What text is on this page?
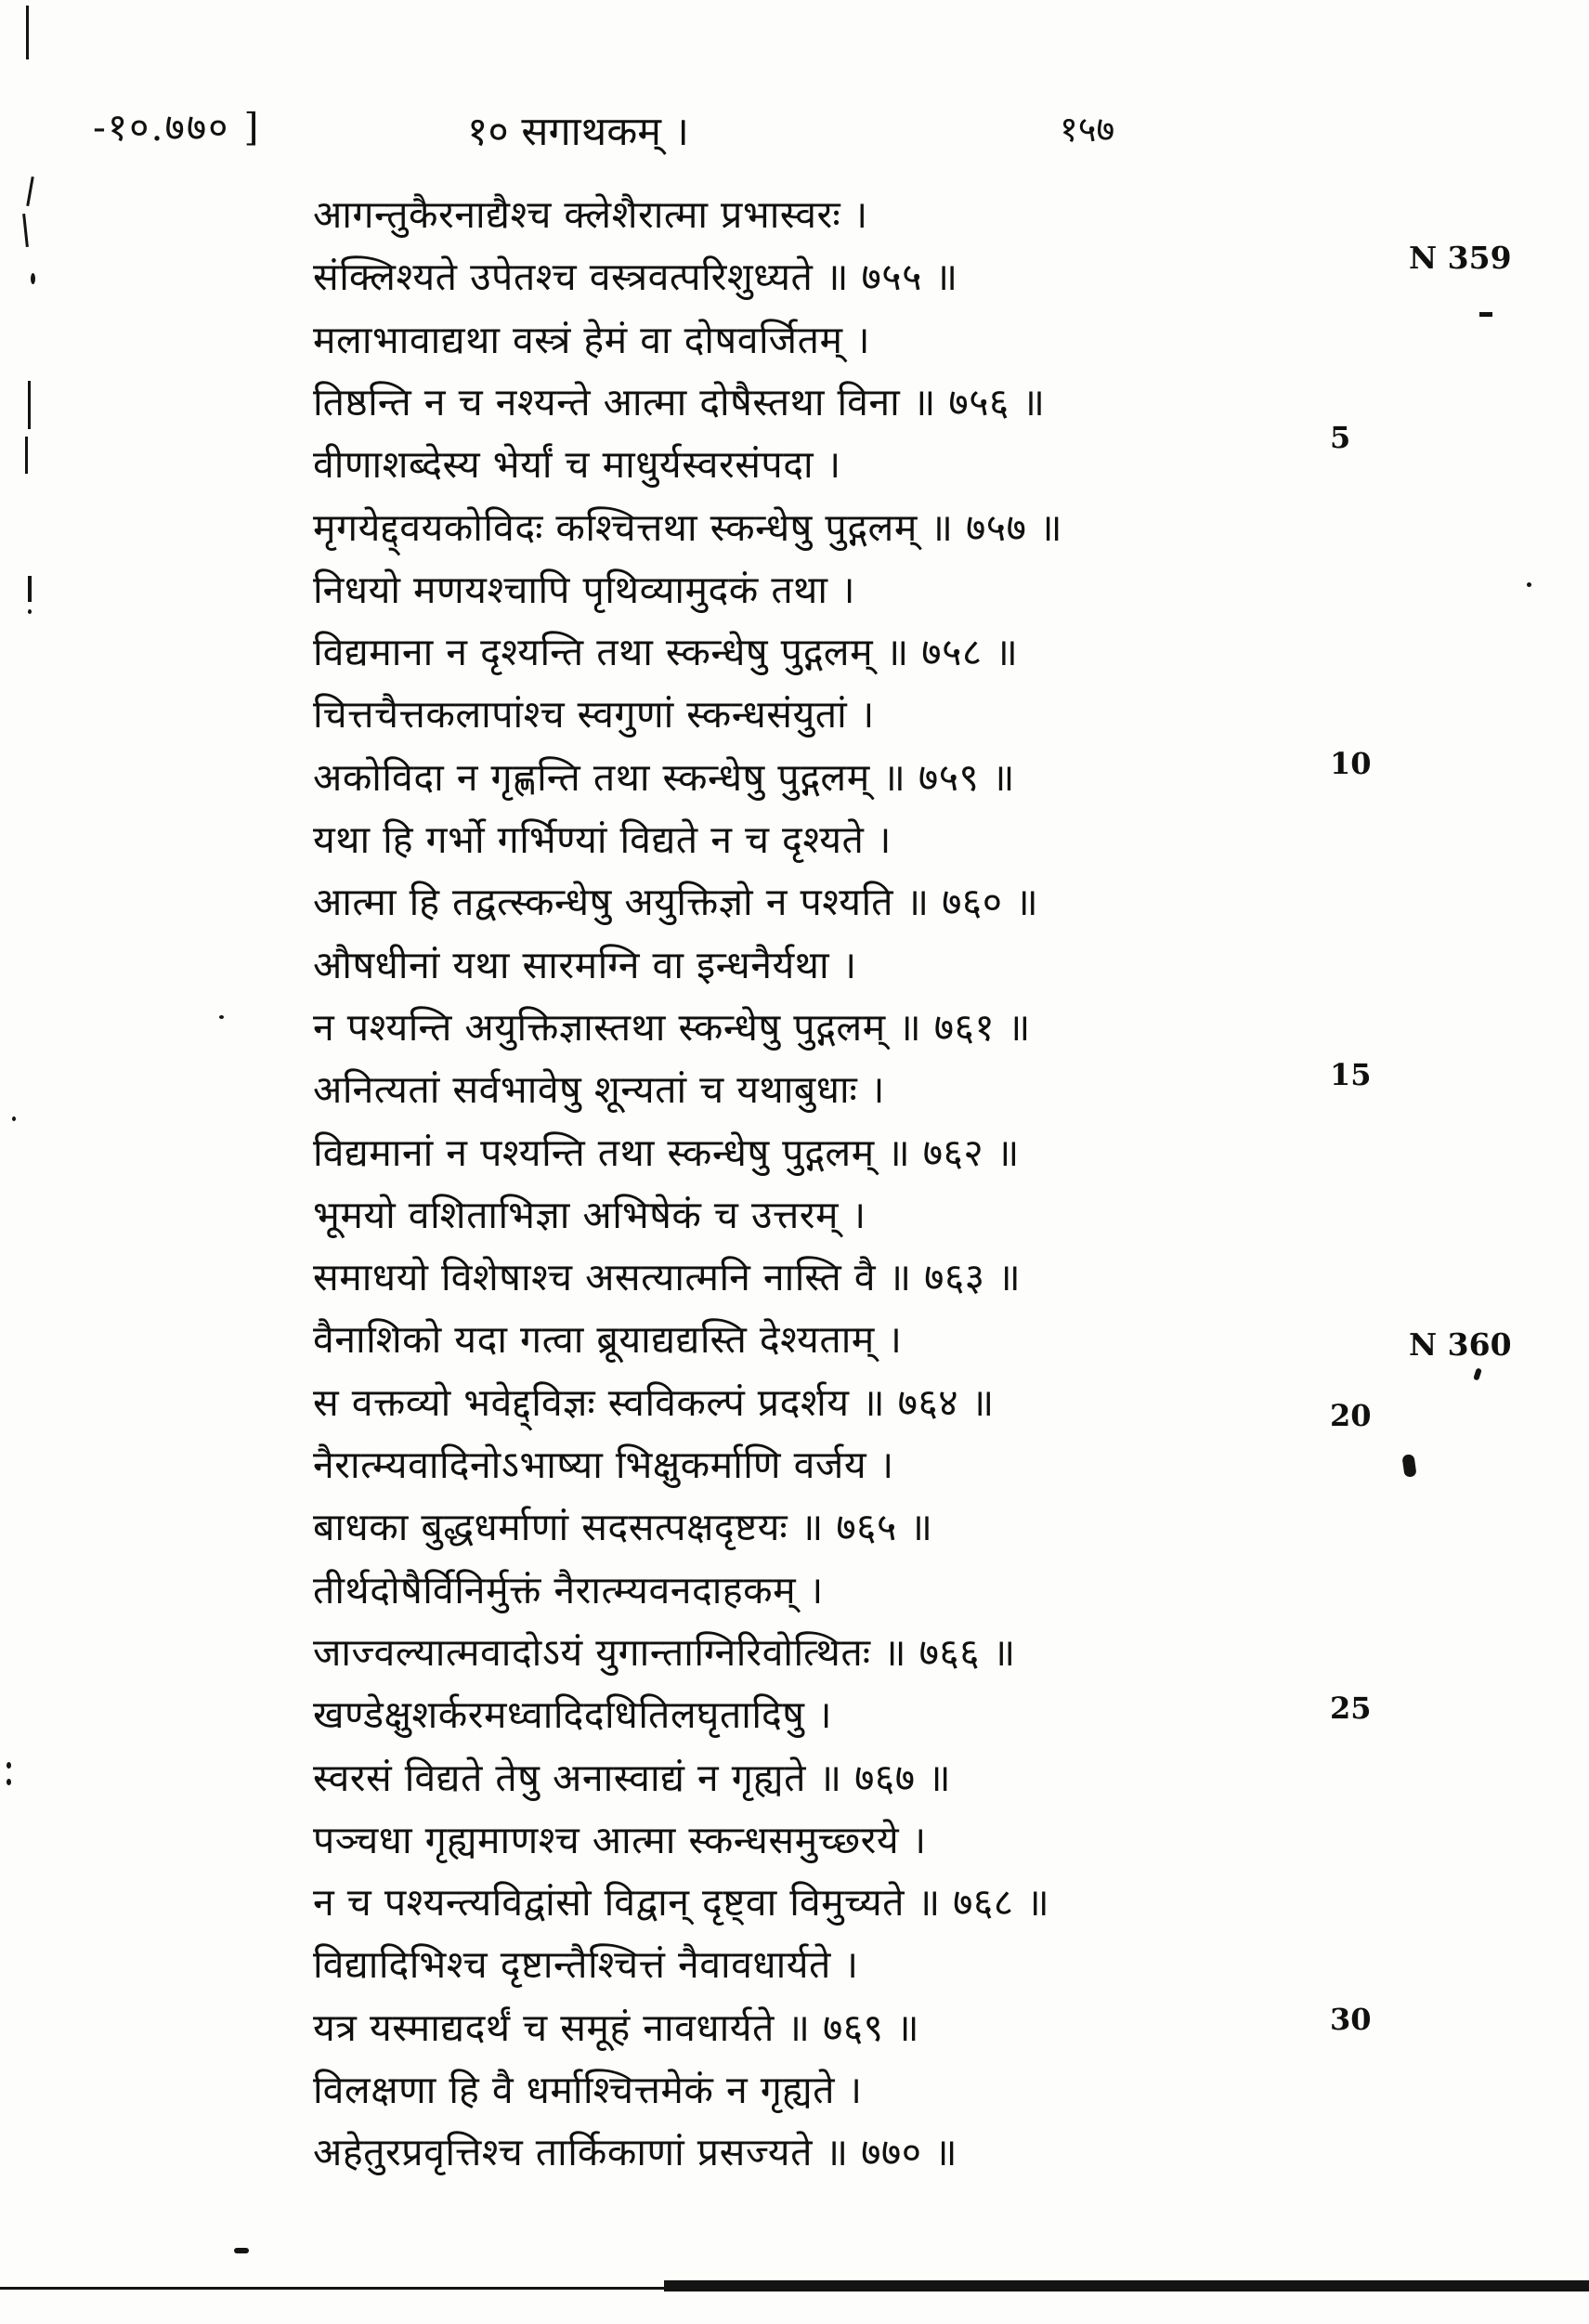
-१०.७७० ]	१० सगाथकम् ।	१५७
आगन्तुकैरनाद्यैश्च क्लेशैरात्मा प्रभास्वरः ।
संक्लिश्यते उपेतश्च वस्त्रवत्परिशुध्यते ॥ ७५५ ॥
मलाभावाद्यथा वस्त्रं हेमं वा दोषवर्जितम् ।
तिष्ठन्ति न च नश्यन्ते आत्मा दोषैस्तथा विना ॥ ७५६ ॥
वीणाशब्देस्य भेर्यां च माधुर्यस्वरसंपदा ।
मृगयेद्द्वयकोविदः कश्चित्तथा स्कन्धेषु पुद्गलम् ॥ ७५७ ॥
निधयो मणयश्चापि पृथिव्यामुदकं तथा ।
विद्यमाना न दृश्यन्ति तथा स्कन्धेषु पुद्गलम् ॥ ७५८ ॥
चित्तचैत्तकलापांश्च स्वगुणां स्कन्धसंयुतां ।
अकोविदा न गृह्णन्ति तथा स्कन्धेषु पुद्गलम् ॥ ७५९ ॥
यथा हि गर्भो गर्भिण्यां विद्यते न च दृश्यते ।
आत्मा हि तद्वत्स्कन्धेषु अयुक्तिज्ञो न पश्यति ॥ ७६० ॥
औषधीनां यथा सारमग्नि वा इन्धनैर्यथा ।
न पश्यन्ति अयुक्तिज्ञास्तथा स्कन्धेषु पुद्गलम् ॥ ७६१ ॥
अनित्यतां सर्वभावेषु शून्यतां च यथाबुधाः ।
विद्यमानां न पश्यन्ति तथा स्कन्धेषु पुद्गलम् ॥ ७६२ ॥
भूमयो वशिताभिज्ञा अभिषेकं च उत्तरम् ।
समाधयो विशेषाश्च असत्यात्मनि नास्ति वै ॥ ७६३ ॥
वैनाशिको यदा गत्वा ब्रूयाद्यद्यस्ति देश्यताम् ।
स वक्तव्यो भवेद्द्विज्ञः स्वविकल्पं प्रदर्शय ॥ ७६४ ॥
नैरात्म्यवादिनोऽभाष्या भिक्षुकर्माणि वर्जय ।
बाधका बुद्धधर्माणां सदसत्पक्षदृष्टयः ॥ ७६५ ॥
तीर्थदोषैर्विनिर्मुक्तं नैरात्म्यवनदाहकम् ।
जाज्वल्यात्मवादोऽयं युगान्ताग्निरिवोत्थितः ॥ ७६६ ॥
खण्डेक्षुशर्करमध्वादिदधितिलघृतादिषु ।
स्वरसं विद्यते तेषु अनास्वाद्यं न गृह्यते ॥ ७६७ ॥
पञ्चधा गृह्यमाणश्च आत्मा स्कन्धसमुच्छ्रये ।
न च पश्यन्त्यविद्वांसो विद्वान् दृष्ट्वा विमुच्यते ॥ ७६८ ॥
विद्यादिभिश्च दृष्टान्तैश्चित्तं नैवावधार्यते ।
यत्र यस्माद्यदर्थं च समूहं नावधार्यते ॥ ७६९ ॥
विलक्षणा हि वै धर्माश्चित्तमेकं न गृह्यते ।
अहेतुरप्रवृत्तिश्च तार्किकाणां प्रसज्यते ॥ ७७० ॥
N 359
5
10
15
N 360
20
25
30
